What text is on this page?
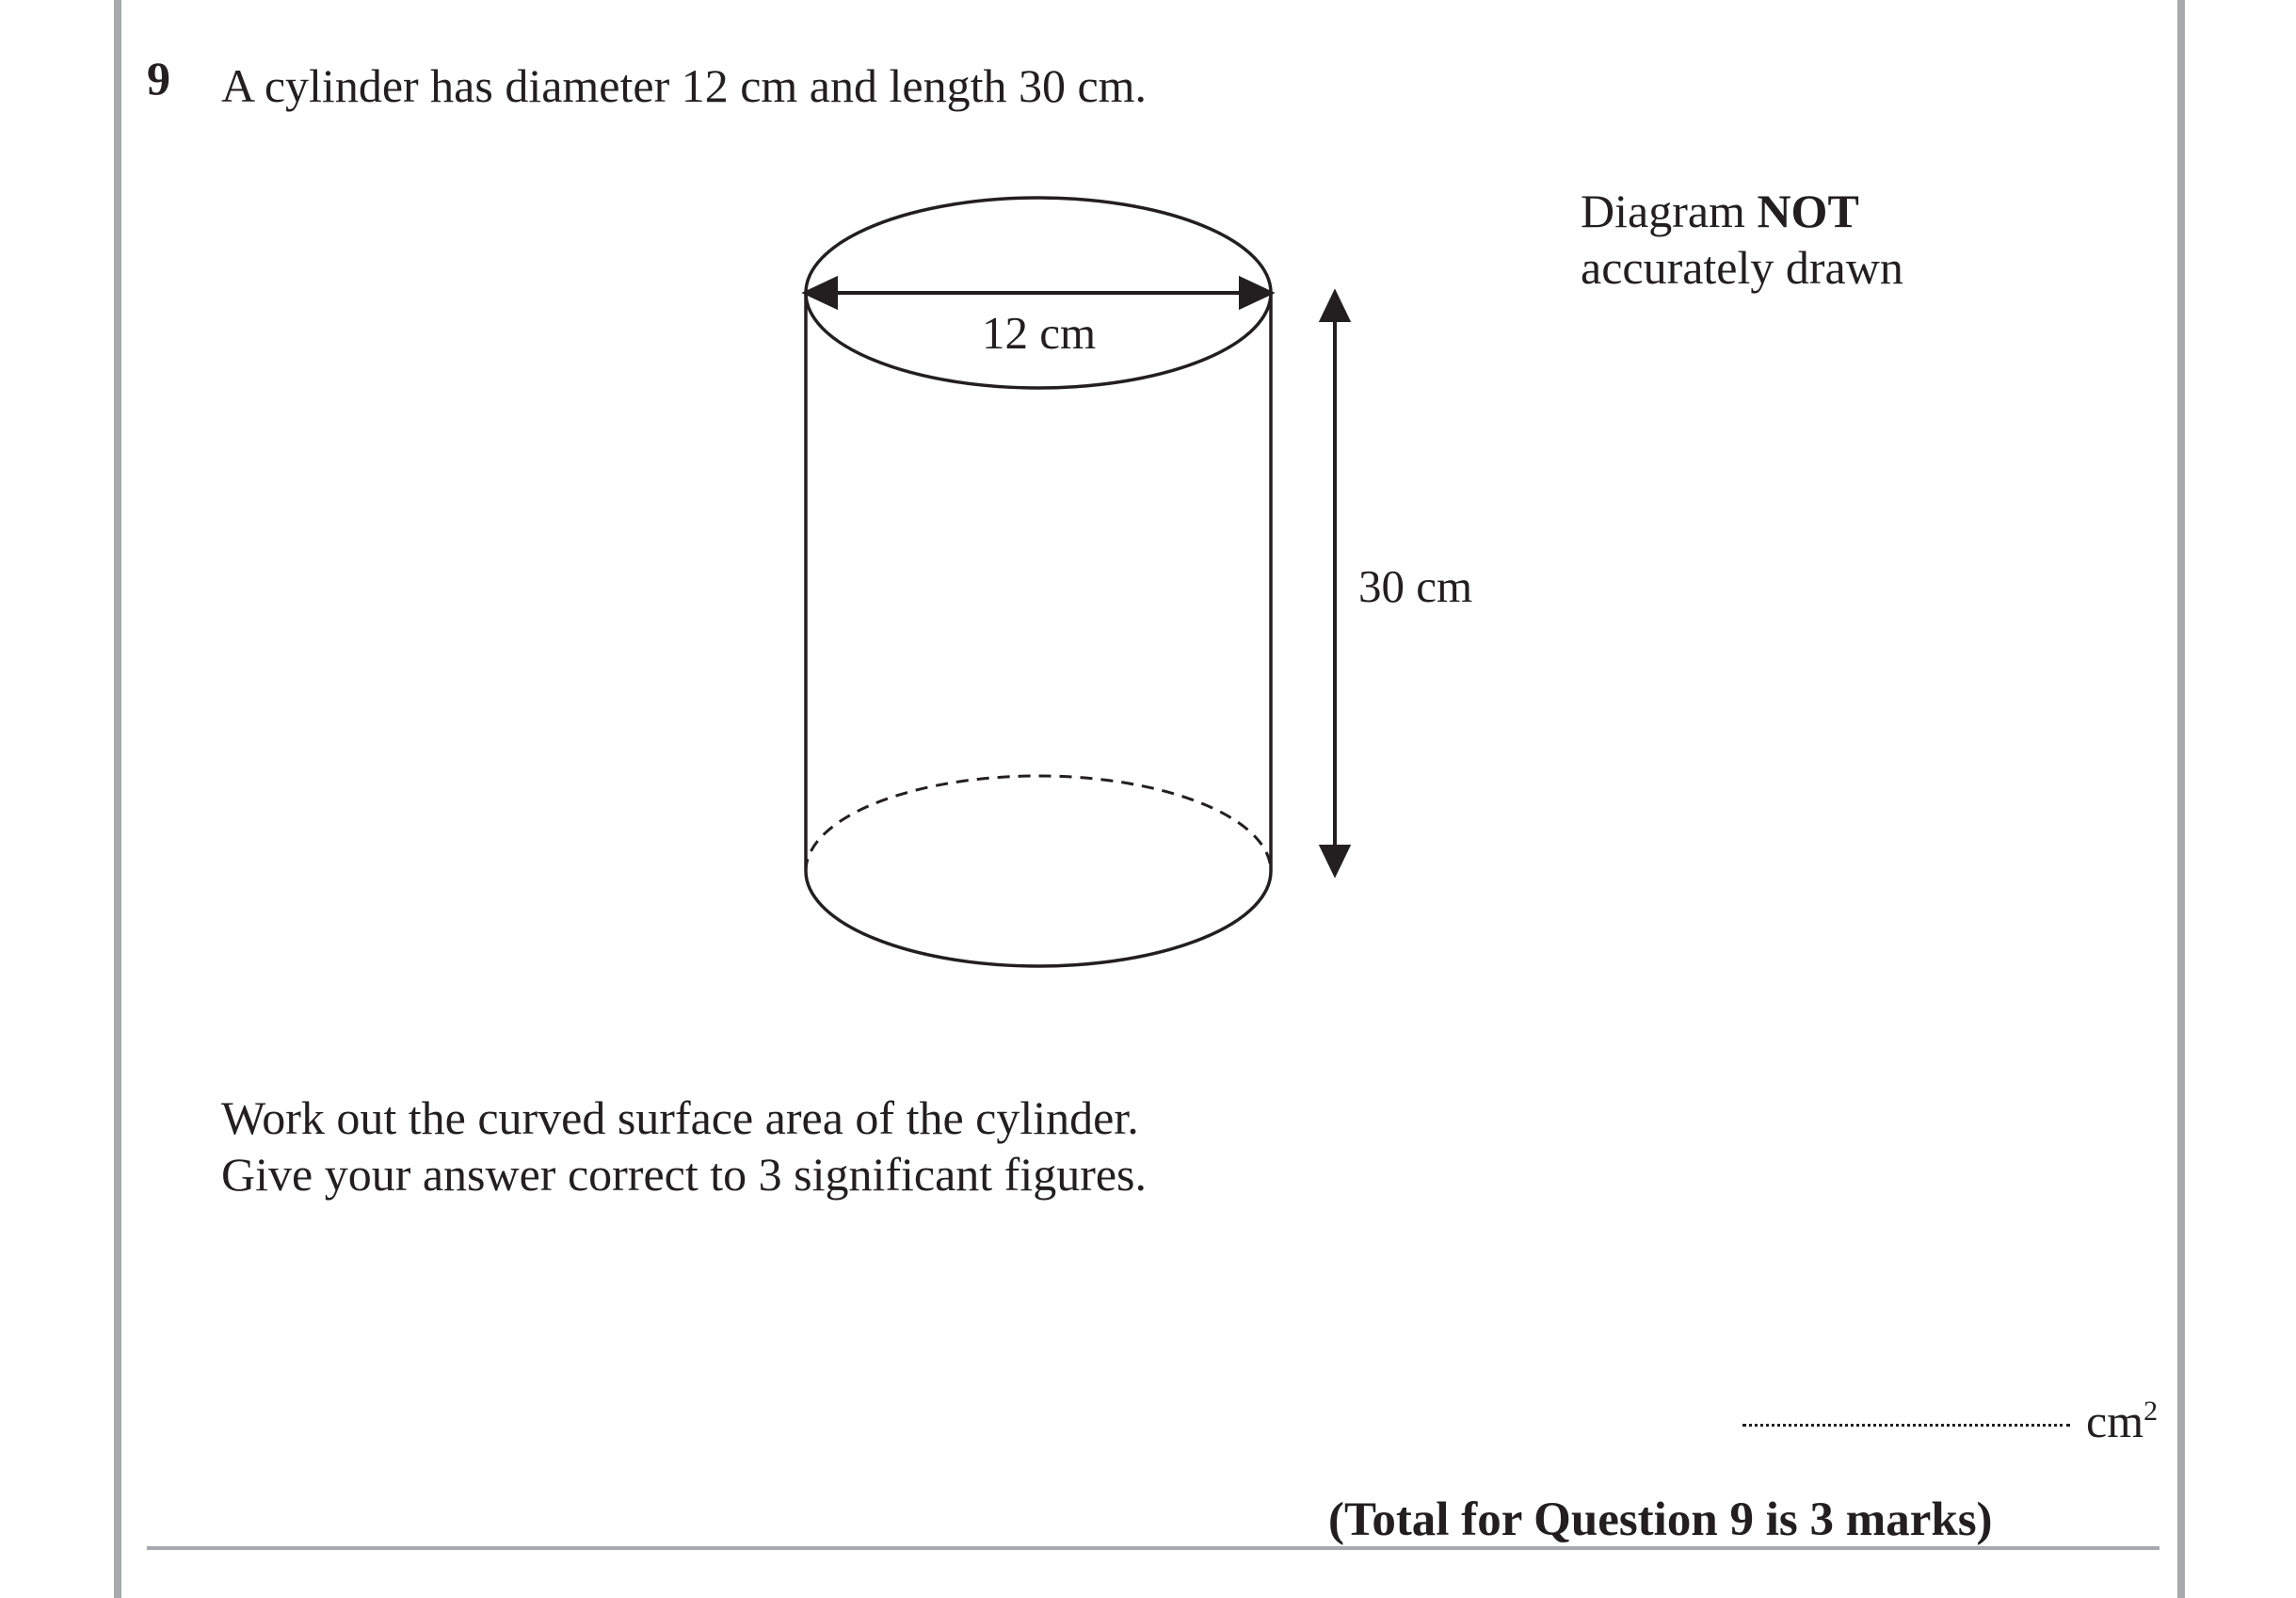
9 A cylinder has diameter 12 cm and length 30 cm.
Diagram NOT
accurately drawn
12 cm
30 cm
Work out the curved surface area of the cylinder.
Give your answer correct to 3 significant figures.
$cm^2$
(Total for Question 9 is 3 marks)
